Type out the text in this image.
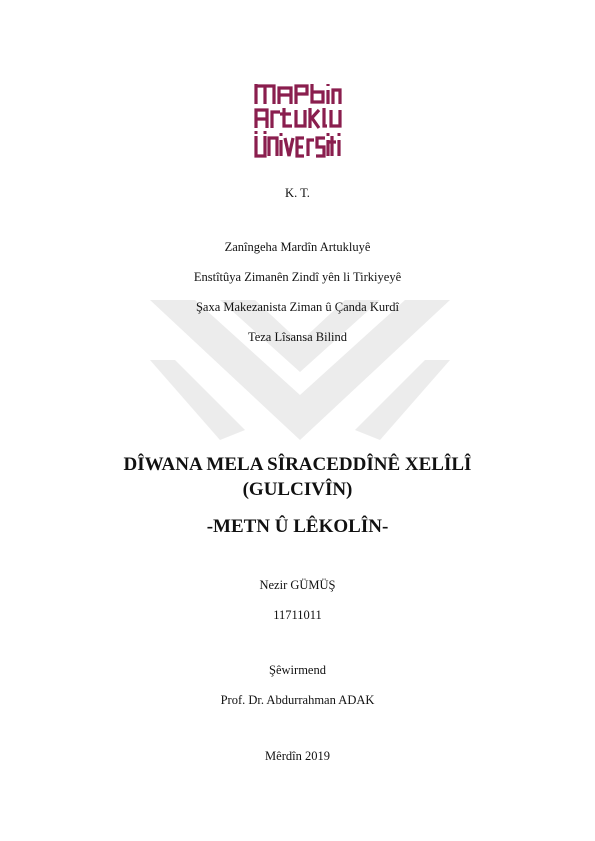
K. T.
Zanîngeha Mardîn Artukluyê
Enstîtûya Zimanên Zindî yên li Tirkiyeyê
Şaxa Makezanista Ziman û Çanda Kurdî
Teza Lîsansa Bilind
DÎWANA MELA SÎRACEDDÎNÊ XELÎLÎ
(GULCIVÎN)
-METN Û LÊKOLÎN-
Nezir GÜMÜŞ
11711011
Şêwirmend
Prof. Dr. Abdurrahman ADAK
Mêrdîn 2019
